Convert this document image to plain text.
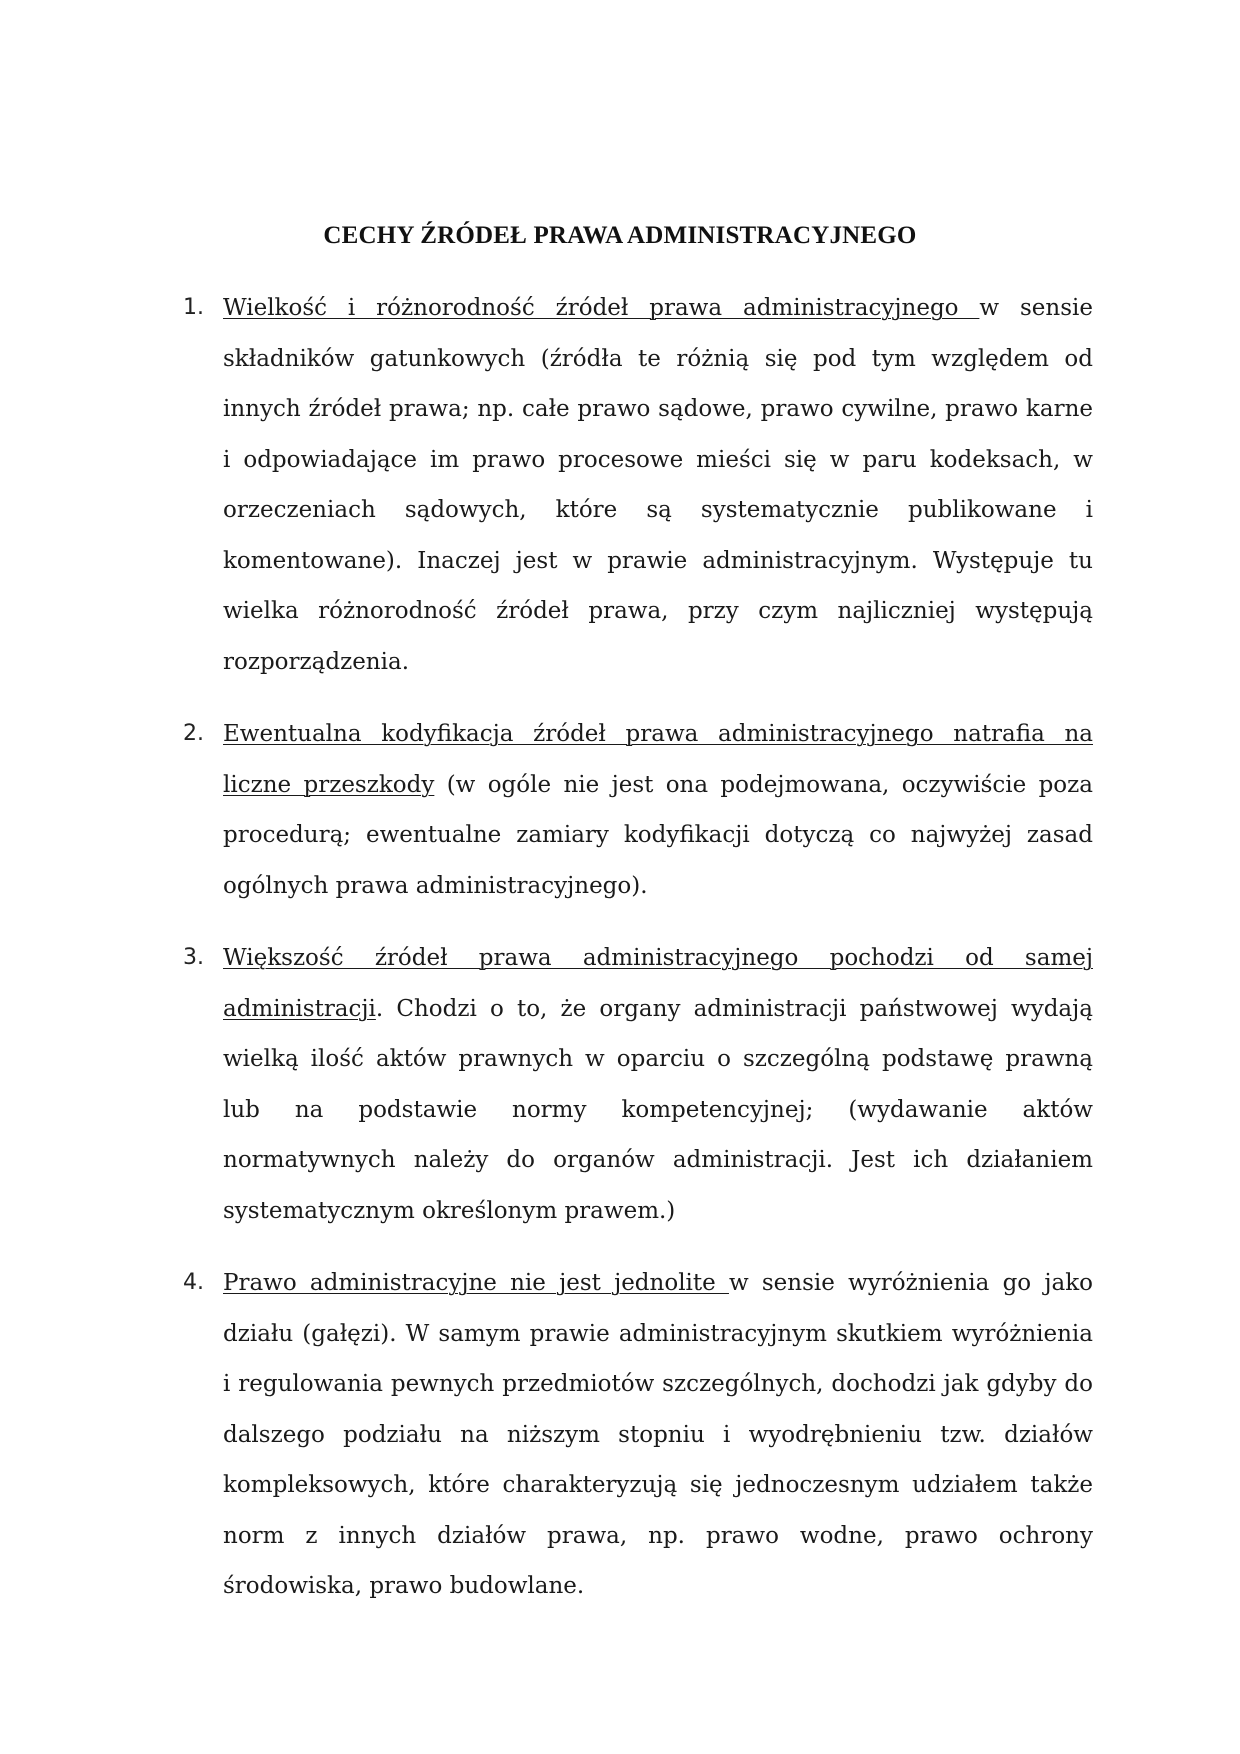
CECHY ŹRÓDEŁ PRAWA ADMINISTRACYJNEGO
1. Wielkość i różnorodność źródeł prawa administracyjnego w sensie składników gatunkowych (źródła te różnią się pod tym względem od innych źródeł prawa; np. całe prawo sądowe, prawo cywilne, prawo karne i odpowiadające im prawo procesowe mieści się w paru kodeksach, w orzeczeniach sądowych, które są systematycznie publikowane i komentowane). Inaczej jest w prawie administracyjnym. Występuje tu wielka różnorodność źródeł prawa, przy czym najliczniej występują rozporządzenia.
2. Ewentualna kodyfikacja źródeł prawa administracyjnego natrafia na liczne przeszkody (w ogóle nie jest ona podejmowana, oczywiście poza procedurą; ewentualne zamiary kodyfikacji dotyczą co najwyżej zasad ogólnych prawa administracyjnego).
3. Większość źródeł prawa administracyjnego pochodzi od samej administracji. Chodzi o to, że organy administracji państwowej wydają wielką ilość aktów prawnych w oparciu o szczególną podstawę prawną lub na podstawie normy kompetencyjnej; (wydawanie aktów normatywnych należy do organów administracji. Jest ich działaniem systematycznym określonym prawem.)
4. Prawo administracyjne nie jest jednolite w sensie wyróżnienia go jako działu (gałęzi). W samym prawie administracyjnym skutkiem wyróżnienia i regulowania pewnych przedmiotów szczególnych, dochodzi jak gdyby do dalszego podziału na niższym stopniu i wyodrębnieniu tzw. działów kompleksowych, które charakteryzują się jednoczesnym udziałem także norm z innych działów prawa, np. prawo wodne, prawo ochrony środowiska, prawo budowlane.
